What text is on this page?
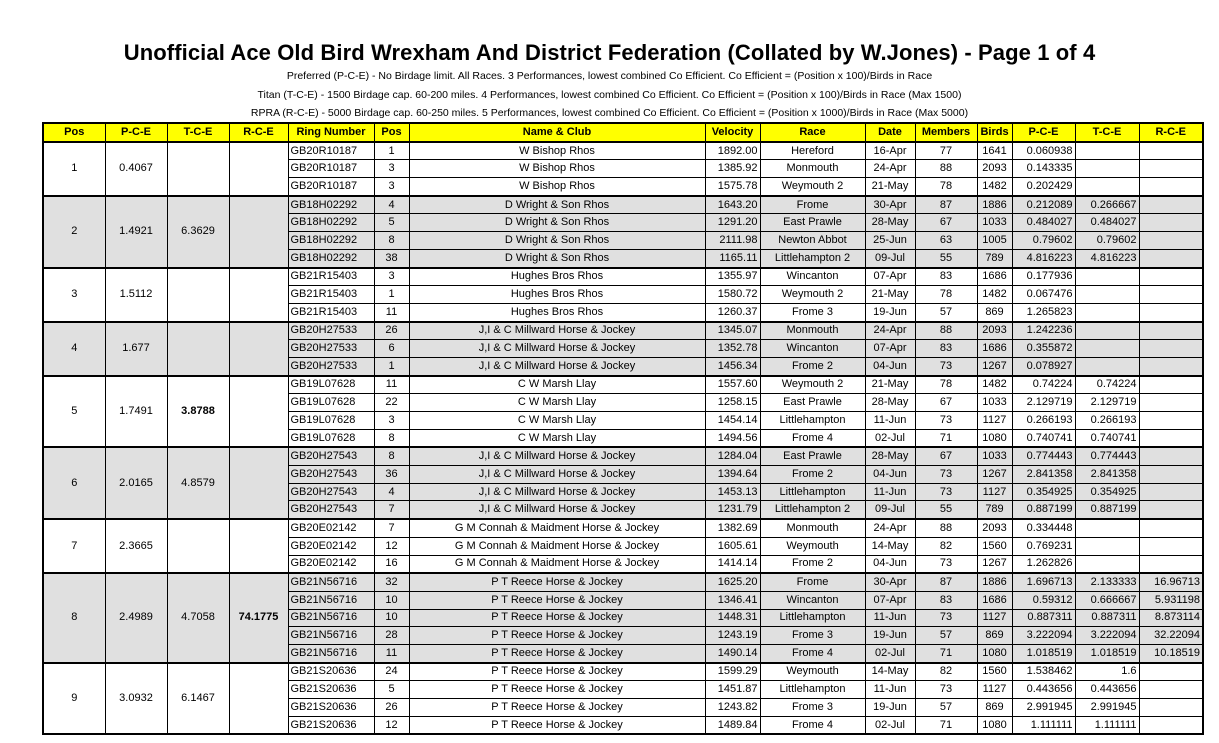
Unofficial Ace Old Bird Wrexham And District Federation (Collated by W.Jones) - Page 1 of 4
Preferred (P-C-E) - No Birdage limit. All Races. 3 Performances, lowest combined Co Efficient. Co Efficient = (Position x 100)/Birds in Race
Titan (T-C-E) - 1500 Birdage cap. 60-200 miles. 4 Performances, lowest combined Co Efficient. Co Efficient = (Position x 100)/Birds in Race (Max 1500)
RPRA (R-C-E) - 5000 Birdage cap. 60-250 miles. 5 Performances, lowest combined Co Efficient. Co Efficient = (Position x 1000)/Birds in Race (Max 5000)
Pos	P-C-E	T-C-E	R-C-E	Ring Number	Pos	Name & Club	Velocity	Race	Date	Members	Birds	P-C-E	T-C-E	R-C-E
1	0.4067			GB20R10187	1	W Bishop Rhos	1892.00	Hereford	16-Apr	77	1641	0.060938		
				GB20R10187	3	W Bishop Rhos	1385.92	Monmouth	24-Apr	88	2093	0.143335		
				GB20R10187	3	W Bishop Rhos	1575.78	Weymouth 2	21-May	78	1482	0.202429		
2	1.4921	6.3629		GB18H02292	4	D Wright & Son Rhos	1643.20	Frome	30-Apr	87	1886	0.212089	0.266667	
				GB18H02292	5	D Wright & Son Rhos	1291.20	East Prawle	28-May	67	1033	0.484027	0.484027	
				GB18H02292	8	D Wright & Son Rhos	2111.98	Newton Abbot	25-Jun	63	1005	0.79602	0.79602	
				GB18H02292	38	D Wright & Son Rhos	1165.11	Littlehampton 2	09-Jul	55	789	4.816223	4.816223	
3	1.5112			GB21R15403	3	Hughes Bros Rhos	1355.97	Wincanton	07-Apr	83	1686	0.177936		
				GB21R15403	1	Hughes Bros Rhos	1580.72	Weymouth 2	21-May	78	1482	0.067476		
				GB21R15403	11	Hughes Bros Rhos	1260.37	Frome 3	19-Jun	57	869	1.265823		
4	1.677			GB20H27533	26	J,I & C Millward Horse & Jockey	1345.07	Monmouth	24-Apr	88	2093	1.242236		
				GB20H27533	6	J,I & C Millward Horse & Jockey	1352.78	Wincanton	07-Apr	83	1686	0.355872		
				GB20H27533	1	J,I & C Millward Horse & Jockey	1456.34	Frome 2	04-Jun	73	1267	0.078927		
5	1.7491	3.8788		GB19L07628	11	C W Marsh Llay	1557.60	Weymouth 2	21-May	78	1482	0.74224	0.74224	
				GB19L07628	22	C W Marsh Llay	1258.15	East Prawle	28-May	67	1033	2.129719	2.129719	
				GB19L07628	3	C W Marsh Llay	1454.14	Littlehampton	11-Jun	73	1127	0.266193	0.266193	
				GB19L07628	8	C W Marsh Llay	1494.56	Frome 4	02-Jul	71	1080	0.740741	0.740741	
6	2.0165	4.8579		GB20H27543	8	J,I & C Millward Horse & Jockey	1284.04	East Prawle	28-May	67	1033	0.774443	0.774443	
				GB20H27543	36	J,I & C Millward Horse & Jockey	1394.64	Frome 2	04-Jun	73	1267	2.841358	2.841358	
				GB20H27543	4	J,I & C Millward Horse & Jockey	1453.13	Littlehampton	11-Jun	73	1127	0.354925	0.354925	
				GB20H27543	7	J,I & C Millward Horse & Jockey	1231.79	Littlehampton 2	09-Jul	55	789	0.887199	0.887199	
7	2.3665			GB20E02142	7	G M Connah & Maidment Horse & Jockey	1382.69	Monmouth	24-Apr	88	2093	0.334448		
				GB20E02142	12	G M Connah & Maidment Horse & Jockey	1605.61	Weymouth	14-May	82	1560	0.769231		
				GB20E02142	16	G M Connah & Maidment Horse & Jockey	1414.14	Frome 2	04-Jun	73	1267	1.262826		
8	2.4989	4.7058	74.1775	GB21N56716	32	P T Reece Horse & Jockey	1625.20	Frome	30-Apr	87	1886	1.696713	2.133333	16.96713
				GB21N56716	10	P T Reece Horse & Jockey	1346.41	Wincanton	07-Apr	83	1686	0.59312	0.666667	5.931198
				GB21N56716	10	P T Reece Horse & Jockey	1448.31	Littlehampton	11-Jun	73	1127	0.887311	0.887311	8.873114
				GB21N56716	28	P T Reece Horse & Jockey	1243.19	Frome 3	19-Jun	57	869	3.222094	3.222094	32.22094
				GB21N56716	11	P T Reece Horse & Jockey	1490.14	Frome 4	02-Jul	71	1080	1.018519	1.018519	10.18519
9	3.0932	6.1467		GB21S20636	24	P T Reece Horse & Jockey	1599.29	Weymouth	14-May	82	1560	1.538462	1.6	
				GB21S20636	5	P T Reece Horse & Jockey	1451.87	Littlehampton	11-Jun	73	1127	0.443656	0.443656	
				GB21S20636	26	P T Reece Horse & Jockey	1243.82	Frome 3	19-Jun	57	869	2.991945	2.991945	
				GB21S20636	12	P T Reece Horse & Jockey	1489.84	Frome 4	02-Jul	71	1080	1.111111	1.111111	
